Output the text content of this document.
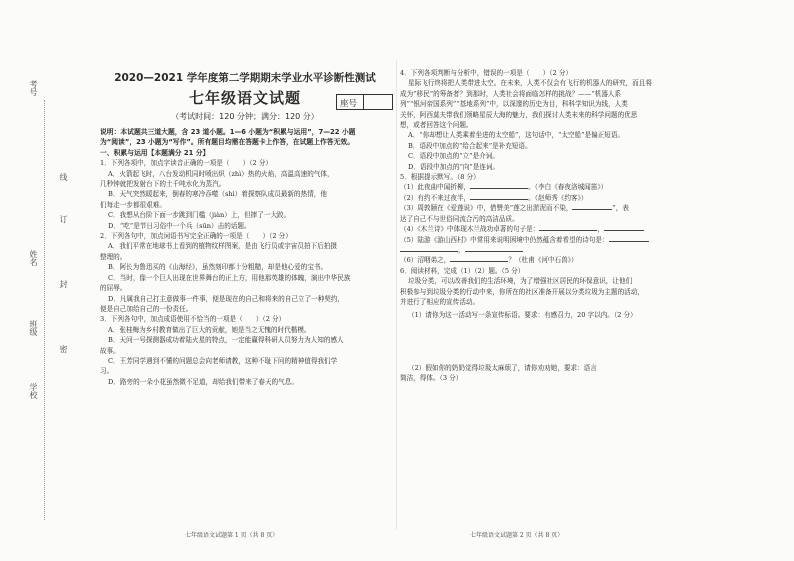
线
考号
订
姓名
封
班级
密
学校
2020—2021 学年度第二学期期末学业水平诊断性测试
七年级语文试题	座号
（考试时间：120 分钟；满分：120 分）

说明：本试题共三道大题，含 23 道小题。1—6 小题为“积累与运用”，7—22 小题

为“阅读”，23 小题为“写作”。所有题目均需在答题卡上作答，在试题上作答无效。

一、积累与运用【本题满分 21 分】

1．下列各项中，加点字读音正确的一项是（　　）（2 分）

A．火箭起飞时，八台发动机同时喷出炽（zhì）热的火焰，高温高速的气体，

几秒钟就把发射台下的土千吨水化为蒸汽。

B．天气突然暖起来，倒春的寒冷吞噬（shì）着探察队成员最新的热情，他

们每走一步都很艰难。

C．我想从台阶下面一步跳到门槛（jiàn）上，但摔了一大跤。

D．“吃”是节日习俗中一个兵（sūn）击的话题。

2．下列各句中，加点词语书写完全正确的一项是（　　）（2 分）

A．我们平常在地球书上看到的植物纹样图案，是由飞行员或宇宙员拍下后拍摄

整理的。

B．阿长为鲁迅买的《山海经》，虽然刻印都十分粗糙，却是他心爱的宝书。

C．当时，像一个巨人出现在世界舞台的正上方，用他那英雄的体魄，演出中华民族

的屈辱。

D．凡属我自己打主意做事一件事，便是现在的自己和将来的自己立了一种契约，

便是自己加给自己的一份责任。

3．下列各句中，加点成语使用不恰当的一项是（　　）（2 分）

A．张桂梅为乡村教育做出了巨大的贡献，她是当之无愧的时代楷模。

B．天问一号探测器成功着陆火星的特点，一定能赢得科研人员努力为人知的感人

故事。

C．王芳同学遇到不懂的问题总会向老师请教，这种不耻下问的精神值得我们学

习。

D．路旁的一朵小花虽然微不足道，却给我们带来了春天的气息。

七年级语文试题第 1 页（共 8 页）

4．下列各项判断与分析中，错误的一项是（　　）（2 分）

星际飞行终将把人类带进太空。在未来，人类不仅会有飞行的机器人的研究，而且将

成为“移民”的筹备者？到那时，人类社会将面临怎样的挑战？——“机器人系

列”“银河帝国系列”“基地系列”中，以深邃的历史为目，科科学知识为线，人类

关怀，阿西莫夫带我们领略星辰大海的魅力，我们探讨人类未来的科学问题的优思

想，或者回答这个问题。

A．“你却想让人类乘着坐进的太空船”，这句话中，“太空船”是偏正短语。

B．语段中加点的“给合起来”是补充短语。

C．语段中加点的“立”是介词。

D．语段中加点的“向”是连词。

5．根据提示默写。（8 分）

（1）此夜曲中闻折柳，	。（李白《春夜洛城闻笛》）

（2）有约不来过夜半，	。（赵师秀《约客》）

（3）周敦颐在《爱莲说》中，借赞美“莲之出淤泥而不染，	”，表

达了自己不与世俗同流合污的高洁品质。

（4）《木兰诗》中体现木兰战功卓著的句子是：	，

（5）陆游《游山西村》中常用来说明困境中仍然蕴含着希望的诗句是：

，

（6）沼咽弟之，	？（杜甫《河中石兽》）

6．阅读材料，完成（1）（2）题。（5 分）

垃圾分类，可以改善我们的生活环境，为了增强社区居民的环保意识，让他们

积极参与到垃圾分类的行动中来，你所在的社区准备开展以分类垃圾为主题的活动，

并进行了相应的宣传活动。

（1）请你为这一活动写一条宣传标语。要求：有感召力，20 字以内。（2 分）

（2）假如你的奶奶觉得垃圾太麻烦了，请你劝劝她，要求：语言

简洁，得体。（3 分）

七年级语文试题第 2 页（共 8 页）
